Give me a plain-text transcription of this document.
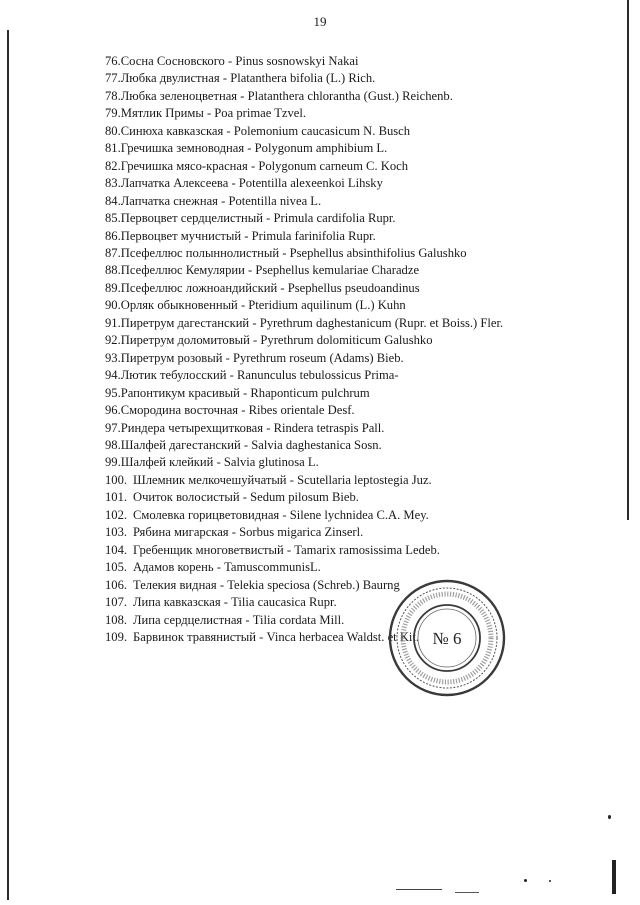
19
76.Сосна Сосновского - Pinus sosnowskyi Nakai
77.Любка двулистная - Platanthera bifolia (L.) Rich.
78.Любка зеленоцветная - Platanthera chlorantha (Gust.) Reichenb.
79.Мятлик Примы - Poa primae Tzvel.
80.Синюха кавказская - Polemonium caucasicum N. Busch
81.Гречишка земноводная - Polygonum amphibium L.
82.Гречишка мясо-красная - Polygonum carneum C. Koch
83.Лапчатка Алексеева - Potentilla alexeenkoi Lihsky
84.Лапчатка снежная - Potentilla nivea L.
85.Первоцвет сердцелистный - Primula cardifolia Rupr.
86.Первоцвет мучнистый - Primula farinifolia Rupr.
87.Псефеллюс полыннолистный - Psephellus absinthifolius Galushko
88.Псефеллюс Кемулярии - Psephellus kemulariae Charadze
89.Псефеллюс ложноандийский - Psephellus pseudoandinus
90.Орляк обыкновенный - Pteridium aquilinum (L.) Kuhn
91.Пиретрум дагестанский - Pyrethrum daghestanicum (Rupr. et Boiss.) Fler.
92.Пиретрум доломитовый - Pyrethrum dolomiticum Galushko
93.Пиретрум розовый - Pyrethrum roseum (Adams) Bieb.
94.Лютик тебулосский - Ranunculus tebulossicus Prima-
95.Рапонтикум красивый - Rhaponticum pulchrum
96.Смородина восточная - Ribes orientale Desf.
97.Риндера четырехщитковая - Rindera tetraspis Pall.
98.Шалфей дагестанский - Salvia daghestanica Sosn.
99.Шалфей клейкий - Salvia glutinosa L.
100. Шлемник мелкочешуйчатый - Scutellaria leptostegia Juz.
101. Очиток волосистый - Sedum pilosum Bieb.
102. Смолевка горицветовидная - Silene lychnidea C.A. Mey.
103. Рябина мигарская - Sorbus migarica Zinserl.
104. Гребенщик многоветвистый - Tamarix ramosissima Ledeb.
105. Адамов корень - TamuscommunisL.
106. Телекия видная - Telekia speciosa (Schreb.) Baurng
107. Липа кавказская - Tilia caucasica Rupr.
108. Липа сердцелистная - Tilia cordata Mill.
109. Барвинок травянистый - Vinca herbacea Waldst. et Kit. № 6
